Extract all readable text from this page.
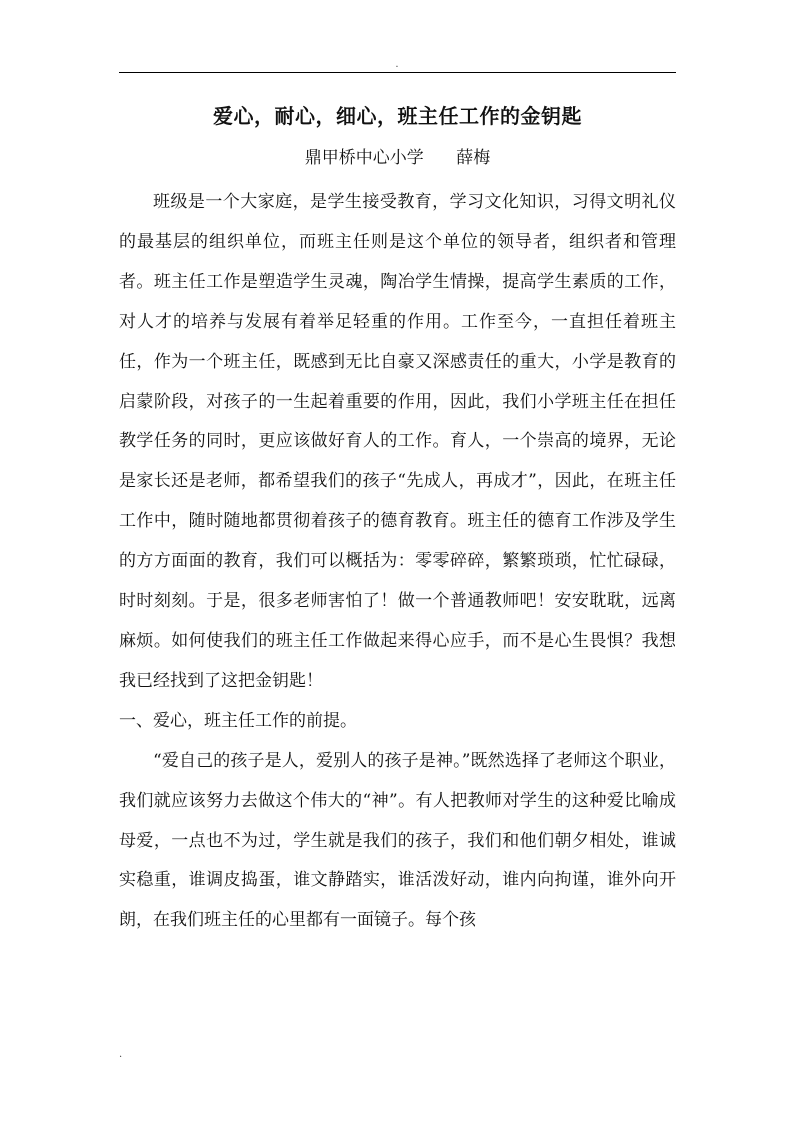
.
爱心，耐心，细心，班主任工作的金钥匙
鼎甲桥中心小学      薛梅

班级是一个大家庭，是学生接受教育，学习文化知识，习得文明礼仪的最基层的组织单位，而班主任则是这个单位的领导者，组织者和管理者。班主任工作是塑造学生灵魂，陶冶学生情操，提高学生素质的工作，对人才的培养与发展有着举足轻重的作用。工作至今，一直担任着班主任，作为一个班主任，既感到无比自豪又深感责任的重大，小学是教育的启蒙阶段，对孩子的一生起着重要的作用，因此，我们小学班主任在担任教学任务的同时，更应该做好育人的工作。育人，一个崇高的境界，无论是家长还是老师，都希望我们的孩子“先成人，再成才”，因此，在班主任工作中，随时随地都贯彻着孩子的德育教育。班主任的德育工作涉及学生的方方面面的教育，我们可以概括为：零零碎碎，繁繁琐琐，忙忙碌碌，时时刻刻。于是，很多老师害怕了！做一个普通教师吧！安安耽耽，远离麻烦。如何使我们的班主任工作做起来得心应手，而不是心生畏惧？我想我已经找到了这把金钥匙！

一、爱心，班主任工作的前提。

“爱自己的孩子是人，爱别人的孩子是神。”既然选择了老师这个职业，我们就应该努力去做这个伟大的“神”。有人把教师对学生的这种爱比喻成母爱，一点也不为过，学生就是我们的孩子，我们和他们朝夕相处，谁诚实稳重，谁调皮捣蛋，谁文静踏实，谁活泼好动，谁内向拘谨，谁外向开朗，在我们班主任的心里都有一面镜子。每个孩

.
